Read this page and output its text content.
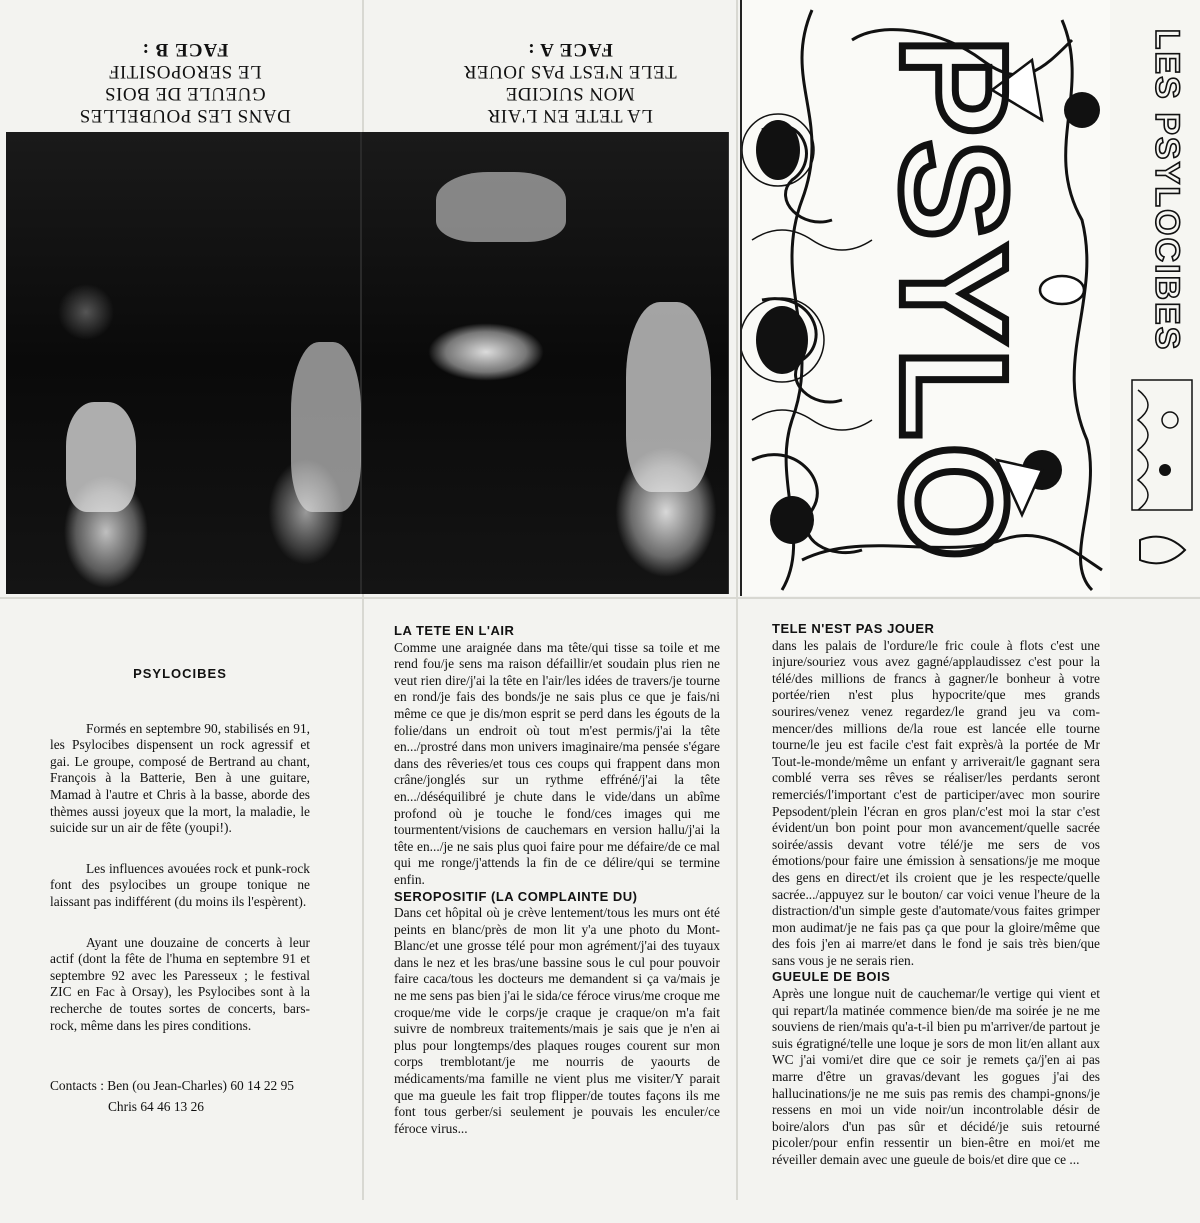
DANS LES POUBELLES
GUEULE DE BOIS
LE SEROPOSITIF
FACE B :
LA TETE EN L'AIR
MON SUICIDE
TELE N'EST PAS JOUER
FACE A :	PSYLO	LES PSYLOCIBES
PSYLOCIBES

Formés en septembre 90, stabilisés en 91, les Psylocibes dispensent un rock agressif et gai. Le groupe, composé de Bertrand au chant, François à la Batterie, Ben à une guitare, Mamad à l'autre et Chris à la basse, aborde des thèmes aussi joyeux que la mort, la maladie, le suicide sur un air de fête (youpi!).

Les influences avouées rock et punk-rock font des psylocibes un groupe tonique ne laissant pas indifférent (du moins ils l'espèrent).

Ayant une douzaine de concerts à leur actif (dont la fête de l'huma en septembre 91 et septembre 92 avec les Paresseux ; le festival ZIC en Fac à Orsay), les Psylocibes sont à la recherche de toutes sortes de concerts, bars-rock, même dans les pires conditions.

Contacts : Ben (ou Jean-Charles) 60 14 22 95

Chris 64 46 13 26

LA TETE EN L'AIR

Comme une araignée dans ma tête/qui tisse sa toile et me rend fou/je sens ma raison défaillir/et soudain plus rien ne veut rien dire/j'ai la tête en l'air/les idées de travers/je tourne en rond/je fais des bonds/je ne sais plus ce que je fais/ni même ce que je dis/mon esprit se perd dans les égouts de la folie/dans un endroit où tout m'est permis/j'ai la tête en.../prostré dans mon univers imaginaire/ma pensée s'égare dans des rêveries/et tous ces coups qui frappent dans mon crâne/jonglés sur un rythme effréné/j'ai la tête en.../déséquilibré je chute dans le vide/dans un abîme profond où je touche le fond/ces images qui me tourmentent/visions de cauchemars en version hallu/j'ai la tête en.../je ne sais plus quoi faire pour me défaire/de ce mal qui me ronge/j'attends la fin de ce délire/qui se termine enfin.

SEROPOSITIF (LA COMPLAINTE DU)

Dans cet hôpital où je crève lentement/tous les murs ont été peints en blanc/près de mon lit y'a une photo du Mont-Blanc/et une grosse télé pour mon agrément/j'ai des tuyaux dans le nez et les bras/une bassine sous le cul pour pouvoir faire caca/tous les docteurs me demandent si ça va/mais je ne me sens pas bien j'ai le sida/ce féroce virus/me croque me croque/me vide le corps/je craque je craque/on m'a fait suivre de nombreux traitements/mais je sais que je n'en ai plus pour longtemps/des plaques rouges courent sur mon corps tremblotant/je me nourris de yaourts de médicaments/ma famille ne vient plus me visiter/Y parait que ma gueule les fait trop flipper/de toutes façons ils me font tous gerber/si seulement je pouvais les enculer/ce féroce virus...

TELE N'EST PAS JOUER

dans les palais de l'ordure/le fric coule à flots c'est une injure/souriez vous avez gagné/applaudissez c'est pour la télé/des millions de francs à gagner/le bonheur à votre portée/rien n'est plus hypocrite/que mes grands sourires/venez venez regardez/le grand jeu va com-mencer/des millions de/la roue est lancée elle tourne tourne/le jeu est facile c'est fait exprès/à la portée de Mr Tout-le-monde/même un enfant y arriverait/le gagnant sera comblé verra ses rêves se réaliser/les perdants seront remerciés/l'important c'est de participer/avec mon sourire Pepsodent/plein l'écran en gros plan/c'est moi la star c'est évident/un bon point pour mon avancement/quelle sacrée soirée/assis devant votre télé/je me sers de vos émotions/pour faire une émission à sensations/je me moque des gens en direct/et ils croient que je les respecte/quelle sacrée.../appuyez sur le bouton/ car voici venue l'heure de la distraction/d'un simple geste d'automate/vous faites grimper mon audimat/je ne fais pas ça que pour la gloire/même que des fois j'en ai marre/et dans le fond je sais très bien/que sans vous je ne serais rien.

GUEULE DE BOIS

Après une longue nuit de cauchemar/le vertige qui vient et qui repart/la matinée commence bien/de ma soirée je ne me souviens de rien/mais qu'a-t-il bien pu m'arriver/de partout je suis égratigné/telle une loque je sors de mon lit/en allant aux WC j'ai vomi/et dire que ce soir je remets ça/j'en ai pas marre d'être un gravas/devant les gogues j'ai des hallucinations/je ne me suis pas remis des champi-gnons/je ressens en moi un vide noir/un incontrolable désir de boire/alors d'un pas sûr et décidé/je suis retourné picoler/pour enfin ressentir un bien-être en moi/et me réveiller demain avec une gueule de bois/et dire que ce ...
